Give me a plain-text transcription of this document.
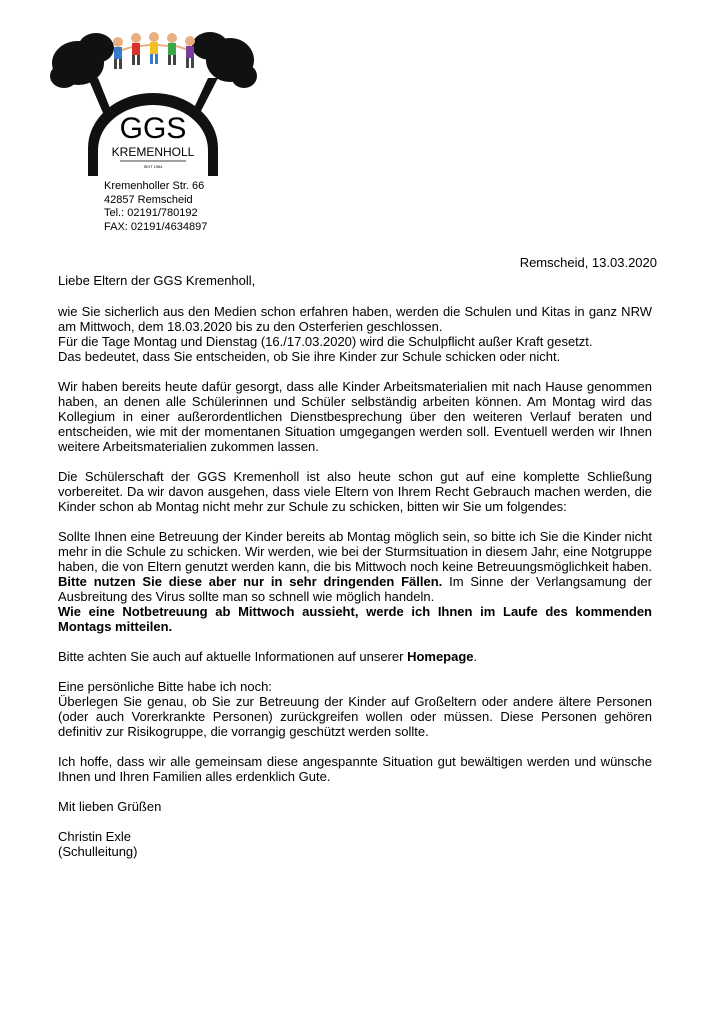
GGS
KREMENHOLL
SEIT 1964
Kremenholler Str. 66
42857 Remscheid
Tel.: 02191/780192
FAX: 02191/4634897
Remscheid, 13.03.2020

Liebe Eltern der GGS Kremenholl,

wie Sie sicherlich aus den Medien schon erfahren haben, werden die Schulen und Kitas in ganz NRW am Mittwoch, dem 18.03.2020 bis zu den Osterferien geschlossen.

Für die Tage Montag und Dienstag (16./17.03.2020) wird die Schulpflicht außer Kraft gesetzt.

Das bedeutet, dass Sie entscheiden, ob Sie ihre Kinder zur Schule schicken oder nicht.

Wir haben bereits heute dafür gesorgt, dass alle Kinder Arbeitsmaterialien mit nach Hause genommen haben, an denen alle Schülerinnen und Schüler selbständig arbeiten können. Am Montag wird das Kollegium in einer außerordentlichen Dienstbesprechung über den weiteren Verlauf beraten und entscheiden, wie mit der momentanen Situation umgegangen werden soll. Eventuell werden wir Ihnen weitere Arbeitsmaterialien zukommen lassen.

Die Schülerschaft der GGS Kremenholl ist also heute schon gut auf eine komplette Schließung vorbereitet. Da wir davon ausgehen, dass viele Eltern von Ihrem Recht Gebrauch machen werden, die Kinder schon ab Montag nicht mehr zur Schule zu schicken, bitten wir Sie um folgendes:

Sollte Ihnen eine Betreuung der Kinder bereits ab Montag möglich sein, so bitte ich Sie die Kinder nicht mehr in die Schule zu schicken. Wir werden, wie bei der Sturmsituation in diesem Jahr, eine Notgruppe haben, die von Eltern genutzt werden kann, die bis Mittwoch noch keine Betreuungsmöglichkeit haben. Bitte nutzen Sie diese aber nur in sehr dringenden Fällen. Im Sinne der Verlangsamung der Ausbreitung des Virus sollte man so schnell wie möglich handeln.

Wie eine Notbetreuung ab Mittwoch aussieht, werde ich Ihnen im Laufe des kommenden Montags mitteilen.

Bitte achten Sie auch auf aktuelle Informationen auf unserer Homepage.

Eine persönliche Bitte habe ich noch:

Überlegen Sie genau, ob Sie zur Betreuung der Kinder auf Großeltern oder andere ältere Personen (oder auch Vorerkrankte Personen) zurückgreifen wollen oder müssen. Diese Personen gehören definitiv zur Risikogruppe, die vorrangig geschützt werden sollte.

Ich hoffe, dass wir alle gemeinsam diese angespannte Situation gut bewältigen werden und wünsche Ihnen und Ihren Familien alles erdenklich Gute.

Mit lieben Grüßen

Christin Exle

(Schulleitung)
